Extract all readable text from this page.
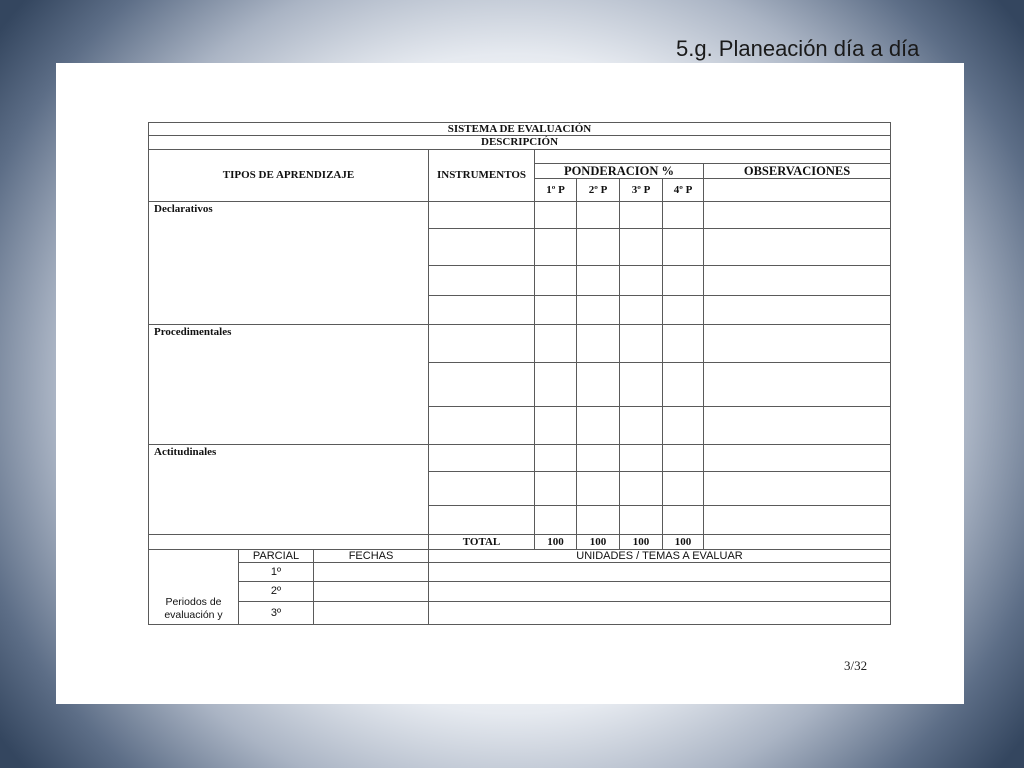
5.g. Planeación día a día
SISTEMA DE EVALUACIÓN								
DESCRIPCIÓN								
TIPOS DE APRENDIZAJE			INSTRUMENTOS					
				PONDERACION %				OBSERVACIONES
				1º P	2º P	3º P	4º P	
Declarativos								

Procedimentales								

Actitudinales								

			TOTAL	100	100	100	100	
Periodos de evaluación y	PARCIAL	FECHAS	UNIDADES / TEMAS A EVALUAR					
	1º							
	2º							
	3º							
3/32
